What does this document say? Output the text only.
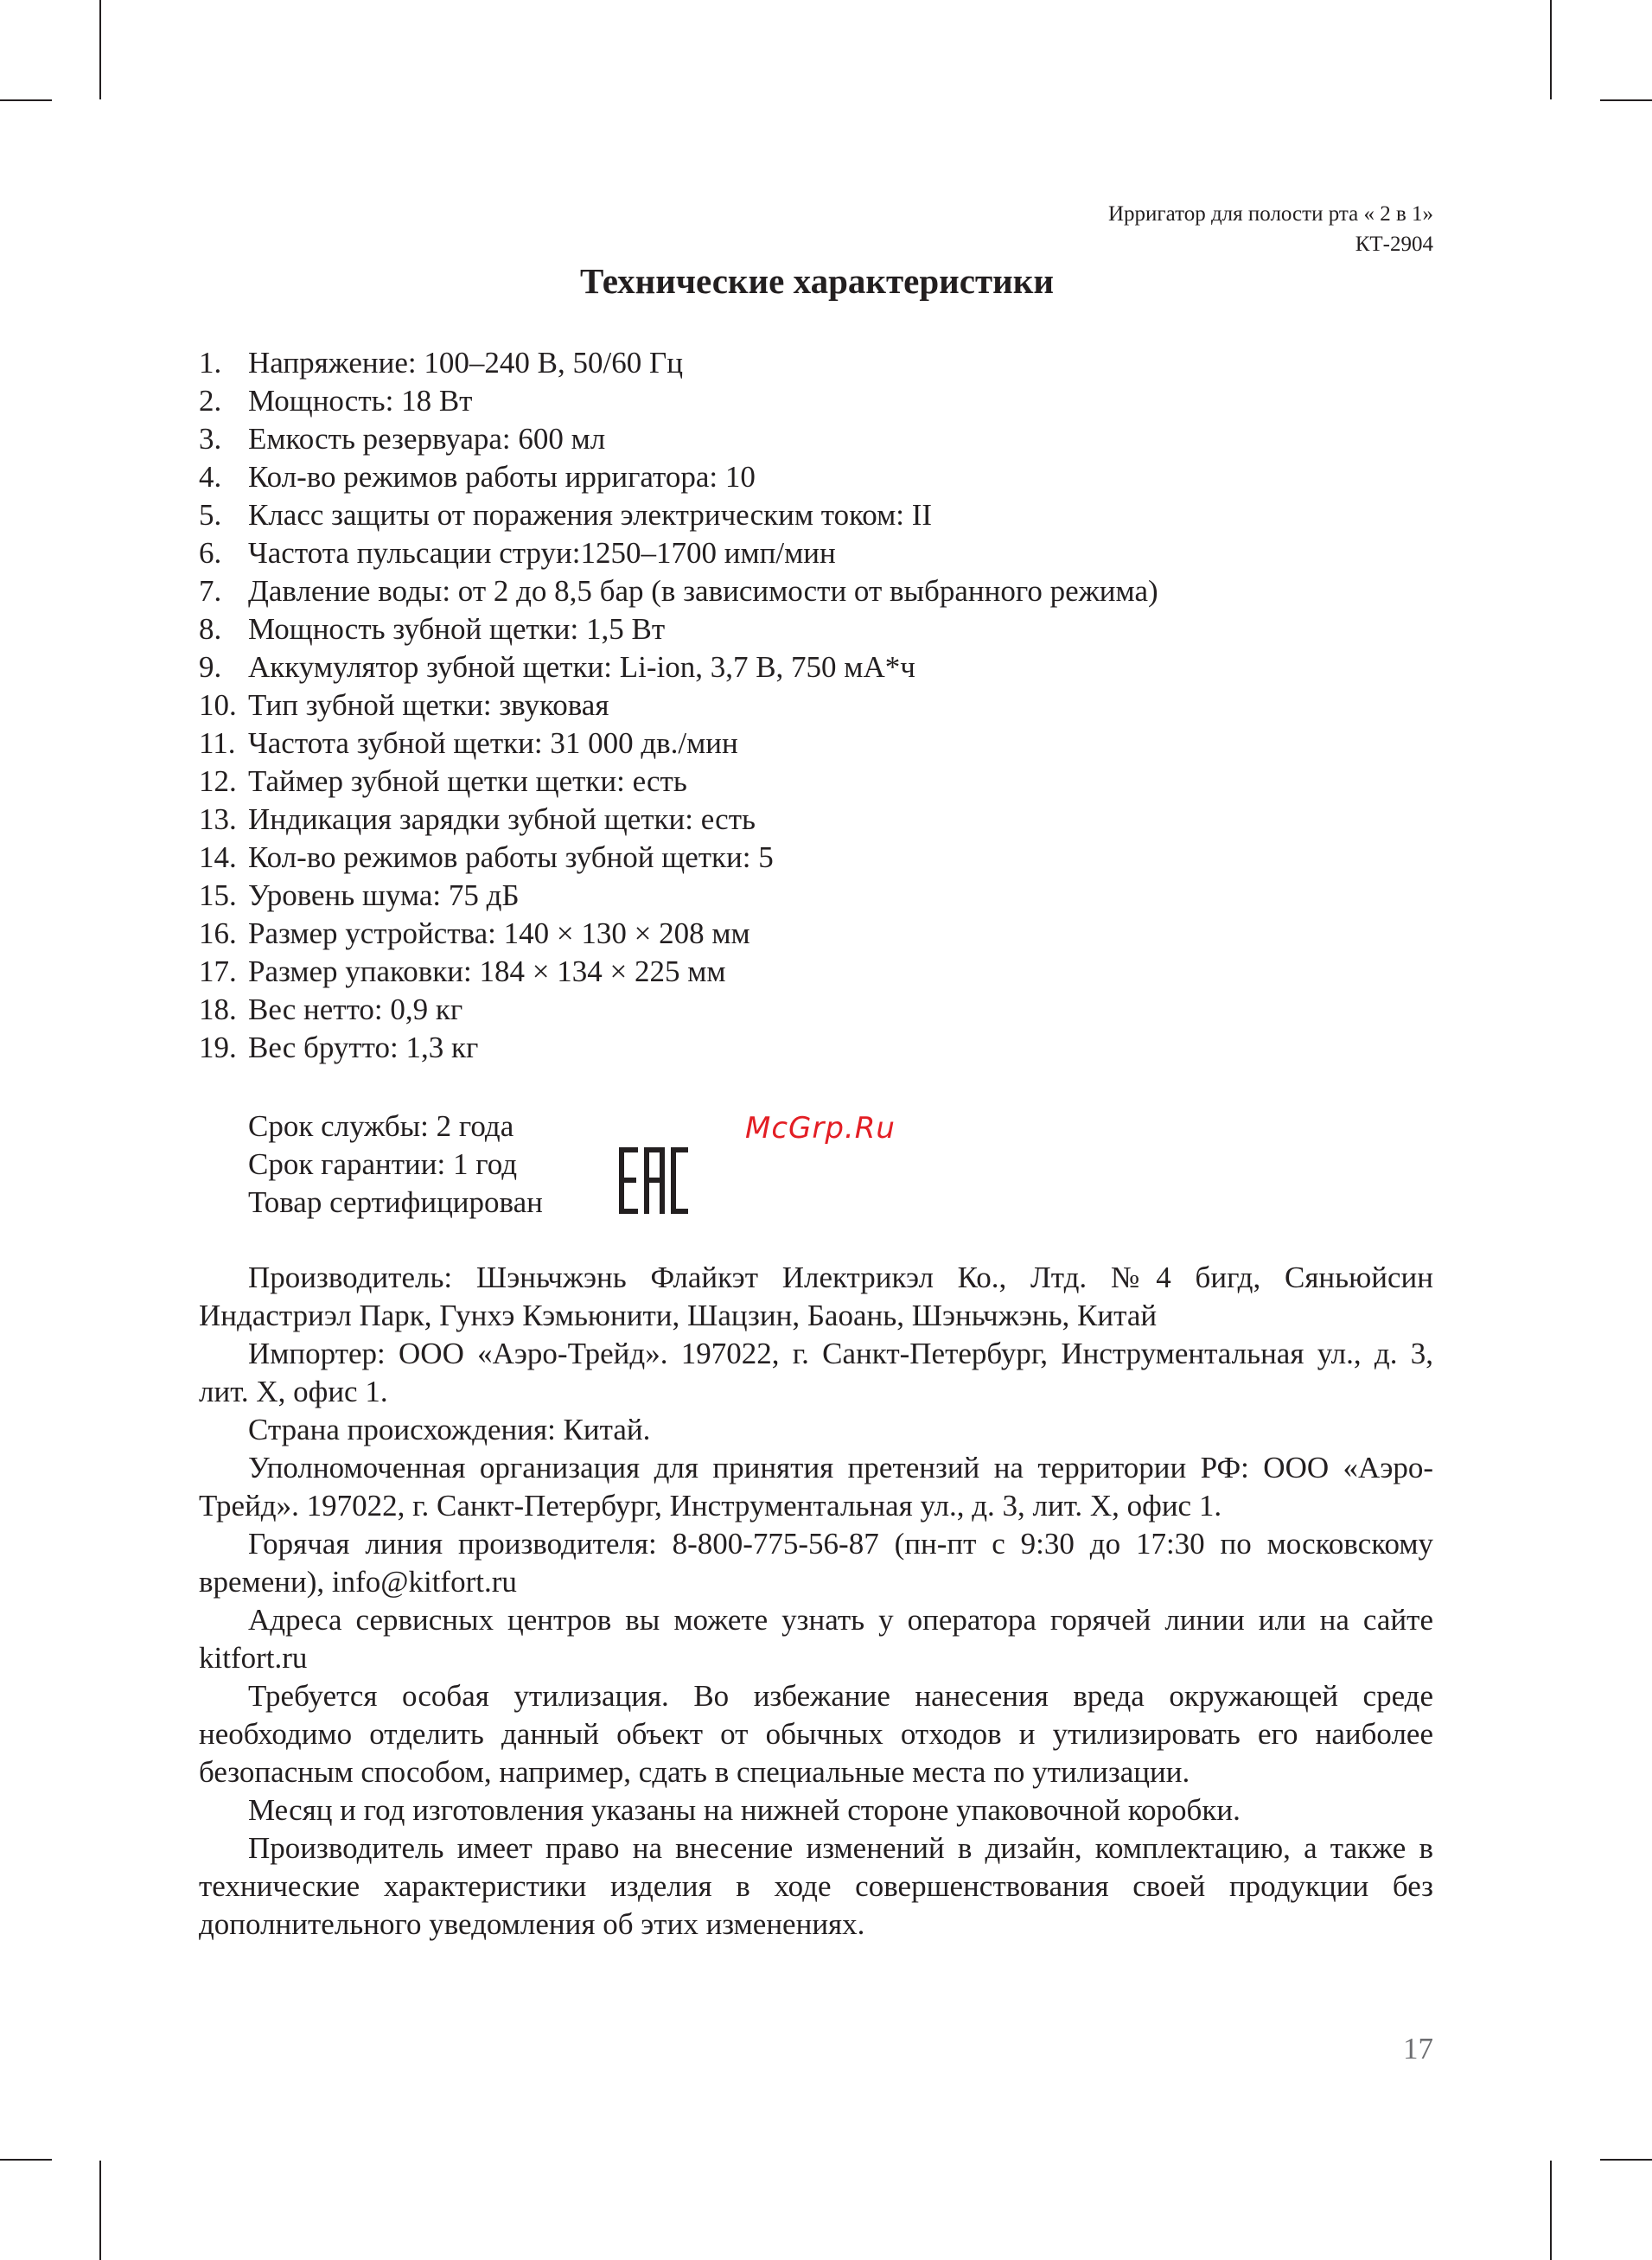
Ирригатор для полости рта « 2 в 1»
КТ-2904
Технические характеристики
1. Напряжение: 100–240 В, 50/60 Гц
2. Мощность: 18 Вт
3. Емкость резервуара: 600 мл
4. Кол-во режимов работы ирригатора: 10
5. Класс защиты от поражения электрическим током: II
6. Частота пульсации струи:1250–1700 имп/мин
7. Давление воды: от 2 до 8,5 бар (в зависимости от выбранного режима)
8. Мощность зубной щетки: 1,5 Вт
9. Аккумулятор зубной щетки: Li-ion, 3,7 В, 750 мА*ч
10. Тип зубной щетки: звуковая
11. Частота зубной щетки: 31 000 дв./мин
12. Таймер зубной щетки щетки: есть
13. Индикация зарядки зубной щетки: есть
14. Кол-во режимов работы зубной щетки: 5
15. Уровень шума: 75 дБ
16. Размер устройства: 140 × 130 × 208 мм
17. Размер упаковки: 184 × 134 × 225 мм
18. Вес нетто: 0,9 кг
19. Вес брутто: 1,3 кг
Срок службы: 2 года
Срок гарантии: 1 год
Товар сертифицирован
McGrp.Ru

Производитель: Шэньчжэнь Флайкэт Илектрикэл Ко., Лтд. №4 бигд, Сяньюйсин Индастриэл Парк, Гунхэ Кэмьюнити, Шацзин, Баоань, Шэньчжэнь, Китай

Импортер: ООО «Аэро-Трейд». 197022, г. Санкт-Петербург, Инструментальная ул., д. 3, лит. Х, офис 1.

Страна происхождения: Китай.

Уполномоченная организация для принятия претензий на территории РФ: ООО «Аэро-Трейд». 197022, г. Санкт-Петербург, Инструментальная ул., д. 3, лит. Х, офис 1.

Горячая линия производителя: 8-800-775-56-87 (пн-пт с 9:30 до 17:30 по московскому времени), info@kitfort.ru

Адреса сервисных центров вы можете узнать у оператора горячей линии или на сайте kitfort.ru

Требуется особая утилизация. Во избежание нанесения вреда окружающей среде необходимо отделить данный объект от обычных отходов и утилизировать его наиболее безопасным способом, например, сдать в специальные места по утилизации.

Месяц и год изготовления указаны на нижней стороне упаковочной коробки.

Производитель имеет право на внесение изменений в дизайн, комплектацию, а также в технические характеристики изделия в ходе совершенствования своей продукции без дополнительного уведомления об этих изменениях.

17
